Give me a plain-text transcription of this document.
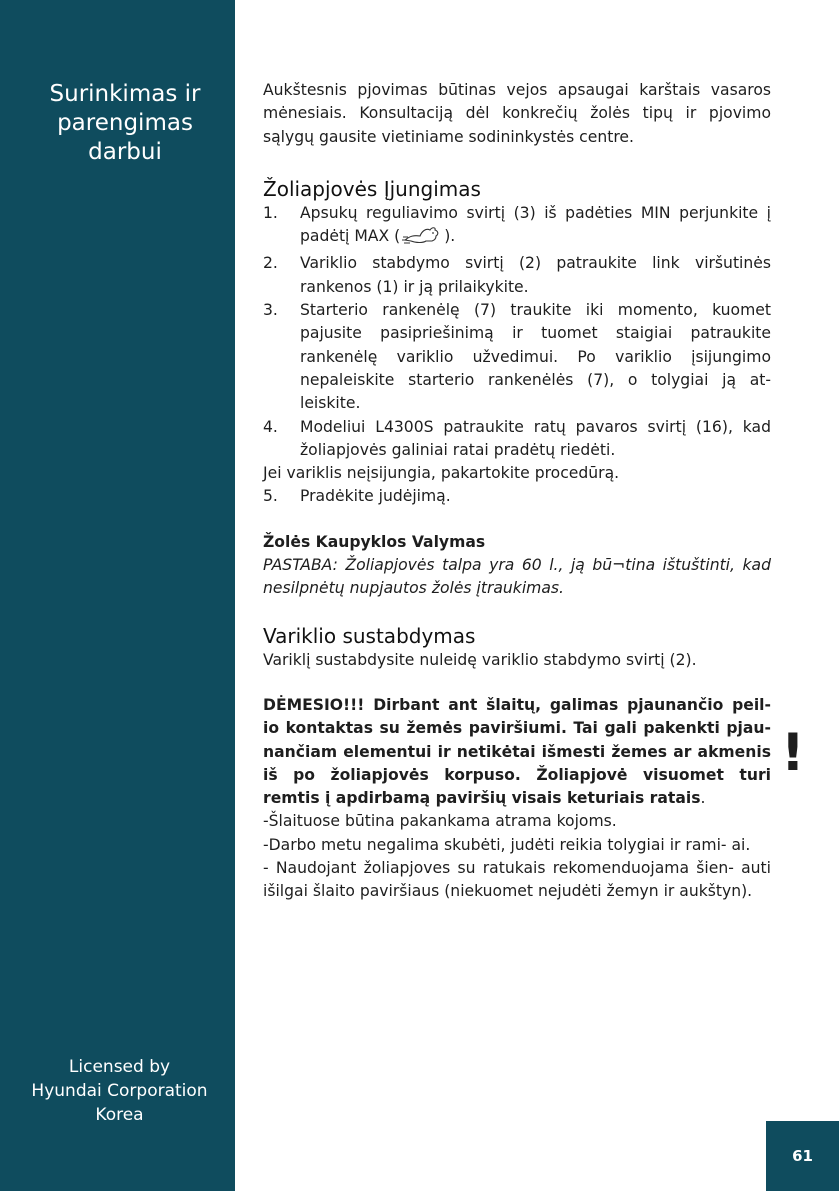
Surinkimas ir
parengimas
darbui
Licensed by
Hyundai Corporation
Korea
61

Aukštesnis pjovimas būtinas vejos apsaugai karštais vasaros mėnesiais. Konsultaciją dėl konkrečių žolės tipų ir pjovimo sąlygų gausite vietiniame sodininkystės centre.

Žoliapjovės Įjungimas
1. Apsukų reguliavimo svirtį (3) iš padėties MIN perjunkite į padėtį MAX (	).
2. Variklio stabdymo svirtį (2) patraukite link viršutinės rankenos (1) ir ją prilaikykite.
3. Starterio rankenėlę (7) traukite iki momento, kuomet pajusite pasipriešinimą ir tuomet staigiai patraukite rankenėlę variklio užvedimui. Po variklio įsijungimo nepaleiskite starterio rankenėlės (7), o tolygiai ją at- leiskite.
4. Modeliui L4300S patraukite ratų pavaros svirtį (16), kad žoliapjovės galiniai ratai pradėtų riedėti.

Jei variklis neįsijungia, pakartokite procedūrą.

5. Pradėkite judėjimą.

Žolės Kaupyklos Valymas

PASTABA: Žoliapjovės talpa yra 60 l., ją bū¬tina ištuštinti, kad nesilpnėtų nupjautos žolės įtraukimas.

Variklio sustabdymas

Variklį sustabdysite nuleidę variklio stabdymo svirtį (2).

!

DĖMESIO!!! Dirbant ant šlaitų, galimas pjaunančio peil- io kontaktas su žemės paviršiumi. Tai gali pakenkti pjau- nančiam elementui ir netikėtai išmesti žemes ar akmenis iš po žoliapjovės korpuso. Žoliapjovė visuomet turi remtis į apdirbamą paviršių visais keturiais ratais.

-Šlaituose būtina pakankama atrama kojoms.

-Darbo metu negalima skubėti, judėti reikia tolygiai ir rami- ai.

- Naudojant žoliapjoves su ratukais rekomenduojama šien- auti išilgai šlaito paviršiaus (niekuomet nejudėti žemyn ir aukštyn).
